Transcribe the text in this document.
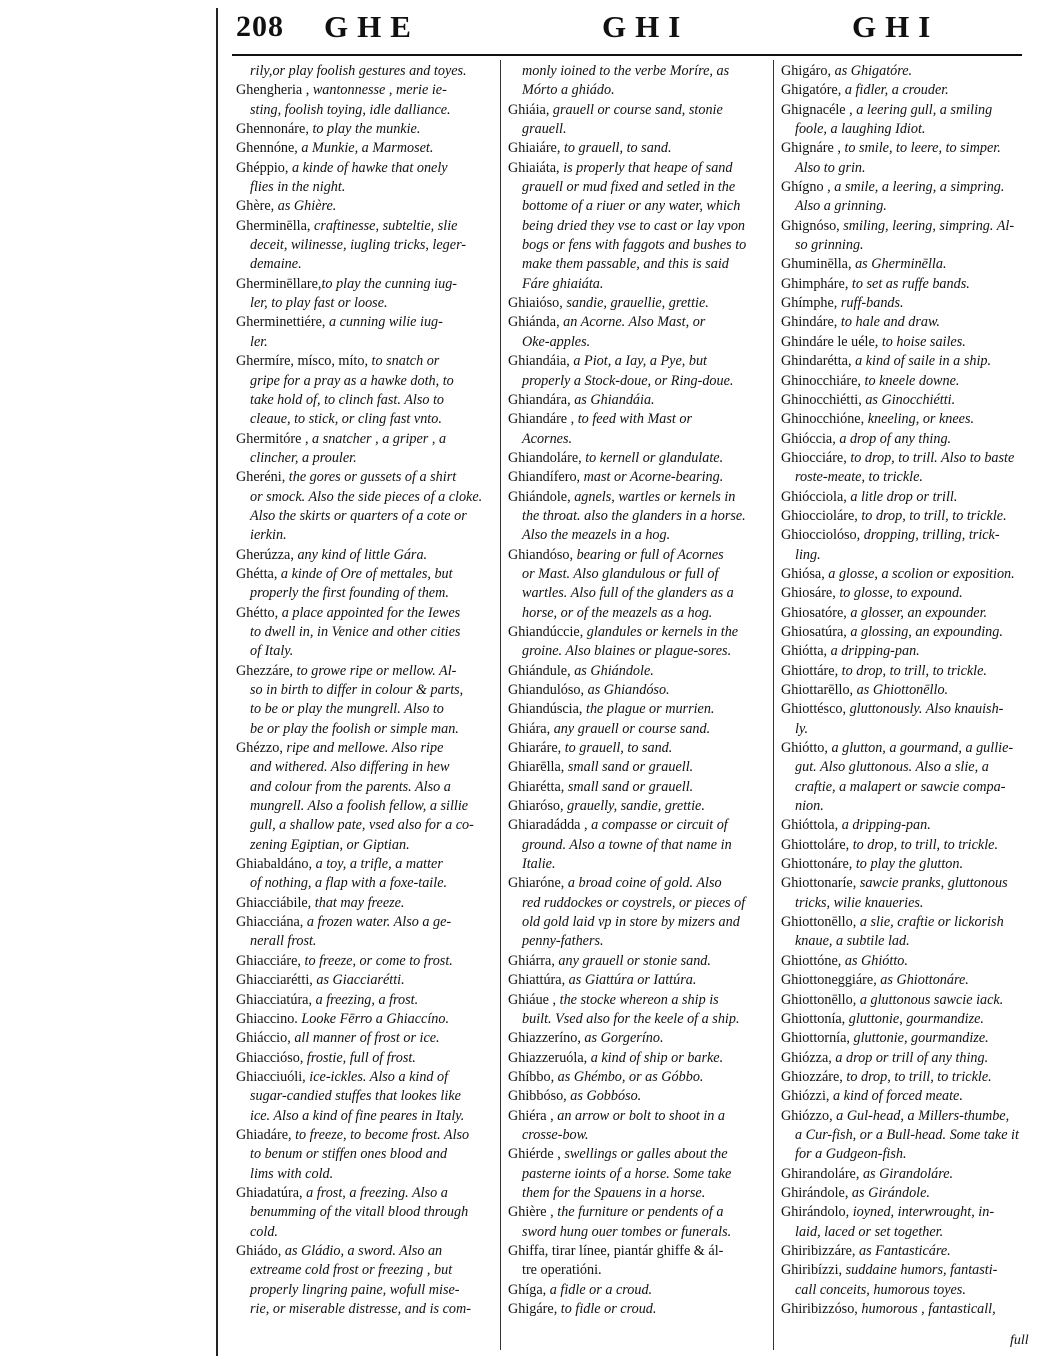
208 GHE	GHI	GHI

rily,or play foolish gestures and toyes.

Ghengheria , wantonnesse , merie ie-

sting, foolish toying, idle dalliance.

Ghennonáre, to play the munkie.

Ghennóne, a Munkie, a Marmoset.

Ghéppio, a kinde of hawke that onely

flies in the night.

Ghère, as Ghière.

Gherminēlla, craftinesse, subteltie, slie

deceit, wilinesse, iugling tricks, leger-

demaine.

Gherminēllare,to play the cunning iug-

ler, to play fast or loose.

Gherminettiére, a cunning wilie iug-

ler.

Ghermíre, mísco, míto, to snatch or

gripe for a pray as a hawke doth, to

take hold of, to clinch fast. Also to

cleaue, to stick, or cling fast vnto.

Ghermitóre , a snatcher , a griper , a

clincher, a prouler.

Gheréni, the gores or gussets of a shirt

or smock. Also the side pieces of a cloke.

Also the skirts or quarters of a cote or

ierkin.

Gherúzza, any kind of little Gára.

Ghétta, a kinde of Ore of mettales, but

properly the first founding of them.

Ghétto, a place appointed for the Iewes

to dwell in, in Venice and other cities

of Italy.

Ghezzáre, to growe ripe or mellow. Al-

so in birth to differ in colour & parts,

to be or play the mungrell. Also to

be or play the foolish or simple man.

Ghézzo, ripe and mellowe. Also ripe

and withered. Also differing in hew

and colour from the parents. Also a

mungrell. Also a foolish fellow, a sillie

gull, a shallow pate, vsed also for a co-

zening Egiptian, or Giptian.

Ghiabaldáno, a toy, a trifle, a matter

of nothing, a flap with a foxe-taile.

Ghiacciábile, that may freeze.

Ghiacciána, a frozen water. Also a ge-

nerall frost.

Ghiacciáre, to freeze, or come to frost.

Ghiacciarétti, as Giacciarétti.

Ghiacciatúra, a freezing, a frost.

Ghiaccino. Looke Fērro a Ghiaccíno.

Ghiáccio, all manner of frost or ice.

Ghiaccióso, frostie, full of frost.

Ghiacciuóli, ice-ickles. Also a kind of

sugar-candied stuffes that lookes like

ice. Also a kind of fine peares in Italy.

Ghiadáre, to freeze, to become frost. Also

to benum or stiffen ones blood and

lims with cold.

Ghiadatúra, a frost, a freezing. Also a

benumming of the vitall blood through

cold.

Ghiádo, as Gládio, a sword. Also an

extreame cold frost or freezing , but

properly lingring paine, wofull mise-

rie, or miserable distresse, and is com-

monly ioined to the verbe Moríre, as

Mórto a ghiádo.

Ghiáia, grauell or course sand, stonie

grauell.

Ghiaiáre, to grauell, to sand.

Ghiaiáta, is properly that heape of sand

grauell or mud fixed and setled in the

bottome of a riuer or any water, which

being dried they vse to cast or lay vpon

bogs or fens with faggots and bushes to

make them passable, and this is said

Fáre ghiaiáta.

Ghiaióso, sandie, grauellie, grettie.

Ghiánda, an Acorne. Also Mast, or

Oke-apples.

Ghiandáia, a Piot, a Iay, a Pye, but

properly a Stock-doue, or Ring-doue.

Ghiandára, as Ghiandáia.

Ghiandáre , to feed with Mast or

Acornes.

Ghiandoláre, to kernell or glandulate.

Ghiandífero, mast or Acorne-bearing.

Ghiándole, agnels, wartles or kernels in

the throat. also the glanders in a horse.

Also the meazels in a hog.

Ghiandóso, bearing or full of Acornes

or Mast. Also glandulous or full of

wartles. Also full of the glanders as a

horse, or of the meazels as a hog.

Ghiandúccie, glandules or kernels in the

groine. Also blaines or plague-sores.

Ghiándule, as Ghiándole.

Ghiandulóso, as Ghiandóso.

Ghiandúscia, the plague or murrien.

Ghiára, any grauell or course sand.

Ghiaráre, to grauell, to sand.

Ghiarēlla, small sand or grauell.

Ghiarétta, small sand or grauell.

Ghiaróso, grauelly, sandie, grettie.

Ghiaradádda , a compasse or circuit of

ground. Also a towne of that name in

Italie.

Ghiaróne, a broad coine of gold. Also

red ruddockes or coystrels, or pieces of

old gold laid vp in store by mizers and

penny-fathers.

Ghiárra, any grauell or stonie sand.

Ghiattúra, as Giattúra or Iattúra.

Ghiáue , the stocke whereon a ship is

built. Vsed also for the keele of a ship.

Ghiazzeríno, as Gorgeríno.

Ghiazzeruóla, a kind of ship or barke.

Ghíbbo, as Ghémbo, or as Góbbo.

Ghibbóso, as Gobbóso.

Ghiéra , an arrow or bolt to shoot in a

crosse-bow.

Ghiérde , swellings or galles about the

pasterne ioints of a horse. Some take

them for the Spauens in a horse.

Ghière , the furniture or pendents of a

sword hung ouer tombes or funerals.

Ghiffa, tirar línee, piantár ghiffe & ál-

tre operatióni.

Ghíga, a fidle or a croud.

Ghigáre, to fidle or croud.

Ghigáro, as Ghigatóre.

Ghigatóre, a fidler, a crouder.

Ghignacéle , a leering gull, a smiling

foole, a laughing Idiot.

Ghignáre , to smile, to leere, to simper.

Also to grin.

Ghígno , a smile, a leering, a simpring.

Also a grinning.

Ghignóso, smiling, leering, simpring. Al-

so grinning.

Ghuminēlla, as Gherminēlla.

Ghimpháre, to set as ruffe bands.

Ghímphe, ruff-bands.

Ghindáre, to hale and draw.

Ghindáre le uéle, to hoise sailes.

Ghindarétta, a kind of saile in a ship.

Ghinocchiáre, to kneele downe.

Ghinocchiétti, as Ginocchiétti.

Ghinocchióne, kneeling, or knees.

Ghióccia, a drop of any thing.

Ghiocciáre, to drop, to trill. Also to baste

roste-meate, to trickle.

Ghiócciola, a litle drop or trill.

Ghioccioláre, to drop, to trill, to trickle.

Ghiocciolóso, dropping, trilling, trick-

ling.

Ghiósa, a glosse, a scolion or exposition.

Ghiosáre, to glosse, to expound.

Ghiosatóre, a glosser, an expounder.

Ghiosatúra, a glossing, an expounding.

Ghiótta, a dripping-pan.

Ghiottáre, to drop, to trill, to trickle.

Ghiottarēllo, as Ghiottonēllo.

Ghiottésco, gluttonously. Also knauish-

ly.

Ghiótto, a glutton, a gourmand, a gullie-

gut. Also gluttonous. Also a slie, a

craftie, a malapert or sawcie compa-

nion.

Ghióttola, a dripping-pan.

Ghiottoláre, to drop, to trill, to trickle.

Ghiottonáre, to play the glutton.

Ghiottonaríe, sawcie pranks, gluttonous

tricks, wilie knaueries.

Ghiottonēllo, a slie, craftie or lickorish

knaue, a subtile lad.

Ghiottóne, as Ghiótto.

Ghiottoneggiáre, as Ghiottonáre.

Ghiottonēllo, a gluttonous sawcie iack.

Ghiottonía, gluttonie, gourmandize.

Ghiottornía, gluttonie, gourmandize.

Ghiózza, a drop or trill of any thing.

Ghiozzáre, to drop, to trill, to trickle.

Ghiózzi, a kind of forced meate.

Ghiózzo, a Gul-head, a Millers-thumbe,

a Cur-fish, or a Bull-head. Some take it

for a Gudgeon-fish.

Ghirandoláre, as Girandoláre.

Ghirándole, as Girándole.

Ghirándolo, ioyned, interwrought, in-

laid, laced or set together.

Ghiribizzáre, as Fantasticáre.

Ghiribízzi, suddaine humors, fantasti-

call conceits, humorous toyes.

Ghiribizzóso, humorous , fantasticall,

full
